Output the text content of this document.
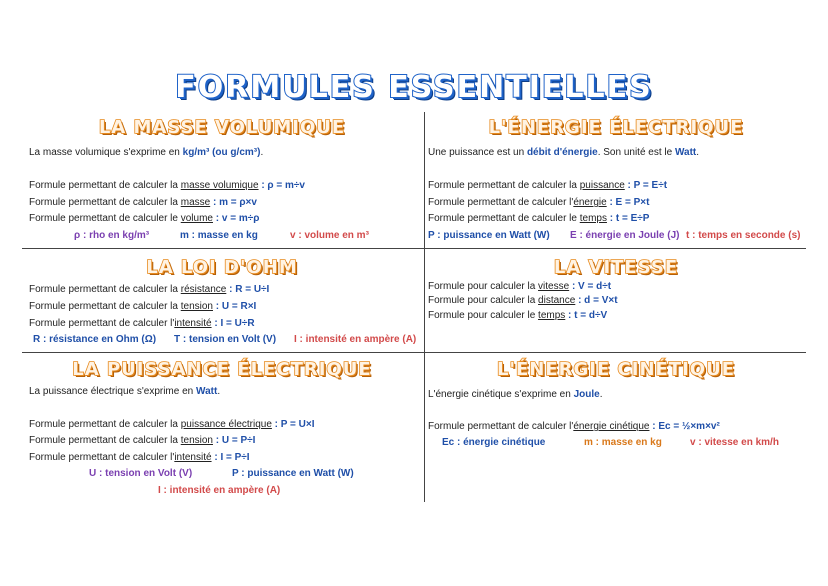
FORMULES ESSENTIELLES
LA MASSE VOLUMIQUE
La masse volumique s'exprime en kg/m³ (ou g/cm³).
Formule permettant de calculer la masse volumique : ρ = m÷v
Formule permettant de calculer la masse : m = ρ×v
Formule permettant de calculer le volume : v = m÷ρ
ρ : rho en kg/m³	m : masse en kg	v : volume en m³
L'ÉNERGIE ÉLECTRIQUE
Une puissance est un débit d'énergie. Son unité est le Watt.
Formule permettant de calculer la puissance : P = E÷t
Formule permettant de calculer l'énergie : E = P×t
Formule permettant de calculer le temps : t = E÷P
P : puissance en Watt (W) E : énergie en Joule (J) t : temps en seconde (s)
LA LOI D'OHM
Formule permettant de calculer la résistance : R = U÷I
Formule permettant de calculer la tension : U = R×I
Formule permettant de calculer l'intensité : I = U÷R
R : résistance en Ohm (Ω) T : tension en Volt (V) I : intensité en ampère (A)
LA VITESSE
Formule pour calculer la vitesse : V = d÷t
Formule pour calculer la distance : d = V×t
Formule pour calculer le temps : t = d÷V
LA PUISSANCE ÉLECTRIQUE
La puissance électrique s'exprime en Watt.
Formule permettant de calculer la puissance électrique : P = U×I
Formule permettant de calculer la tension : U = P÷I
Formule permettant de calculer l'intensité : I = P÷I
U : tension en Volt (V)	P : puissance en Watt (W)
I : intensité en ampère (A)
L'ÉNERGIE CINÉTIQUE
L'énergie cinétique s'exprime en Joule.
Formule permettant de calculer l'énergie cinétique : Ec = ½×m×v²
Ec : énergie cinétique	m : masse en kg	v : vitesse en km/h
